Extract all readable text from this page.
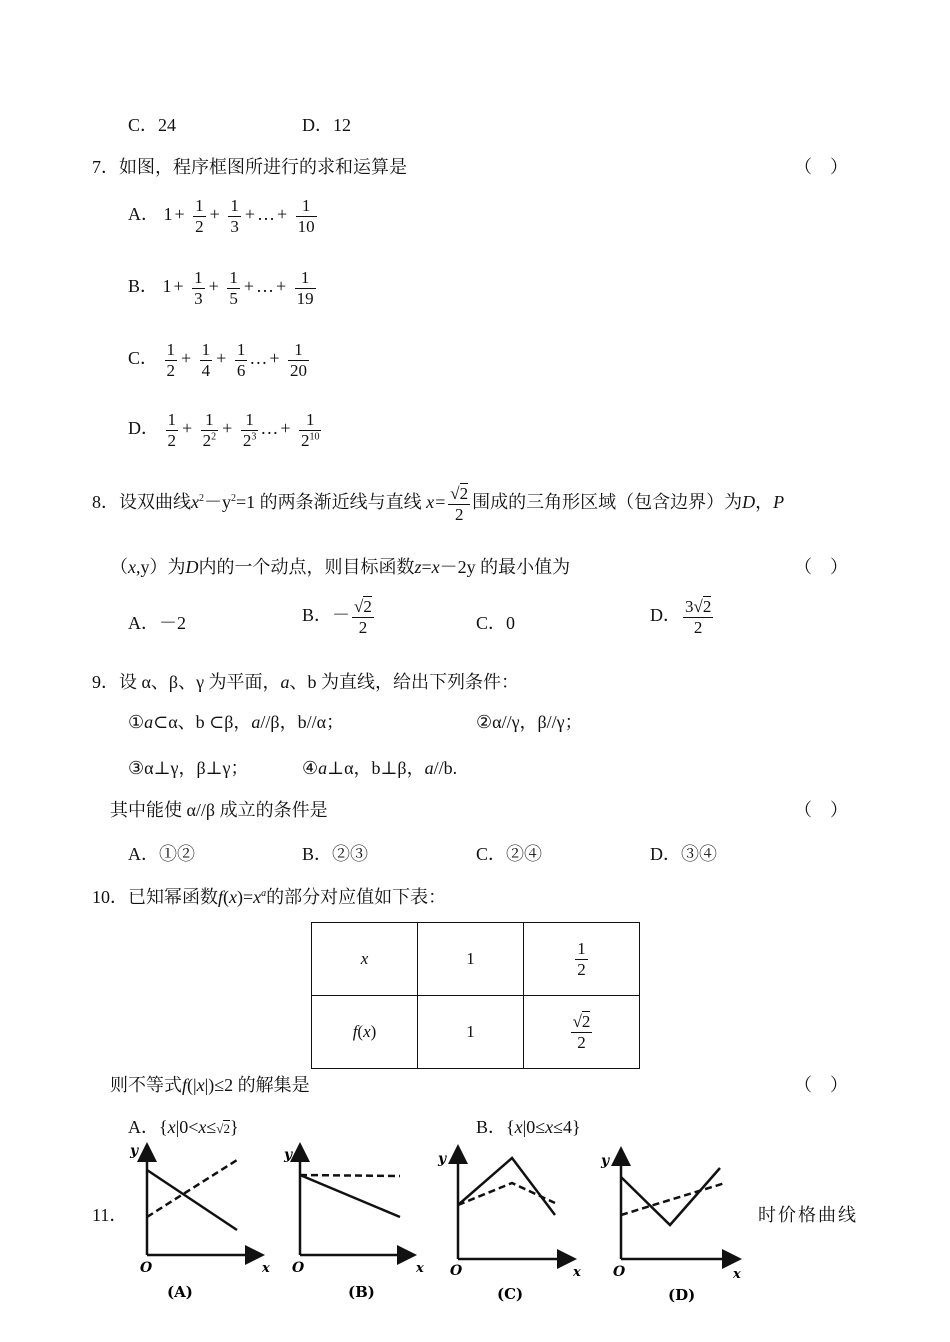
C．24	D．12
7．如图，程序框图所进行的求和运算是	（　）
A． $1 + \frac{1}{2} + \frac{1}{3}$ + … + $\frac{1}{10}$
B． $1 + \frac{1}{3} + \frac{1}{5}$ + … + $\frac{1}{19}$
C． $\frac{1}{2} + \frac{1}{4} + \frac{1}{6}$ … + $\frac{1}{20}$
D． $\frac{1}{2} + \frac{1}{2^2} + \frac{1}{2^3}$ … + $\frac{1}{2^{10}}$
8．设双曲线$x^2-y^2=1$ 的两条渐近线与直线 $x= \frac{√2}{2}$ 围成的三角形区域（包含边界）为D，P
（x,y）为D内的一个动点，则目标函数z=x－2y 的最小值为	（　）
A．－2	B．－ $\frac{√2}{2}$	C．0	D． $\frac{3√2}{2}$
9．设 α、β、γ 为平面，a、b 为直线，给出下列条件：
①a⊂α、b ⊂β，a//β，b//α；	②α//γ，β//γ；
③α⊥γ，β⊥γ；	④a⊥α，b⊥β，a//b.
其中能使 α//β 成立的条件是	（　）
A．①②	B．②③	C．②④	D．③④
10．已知幂函数$f(x)=x^a$的部分对应值如下表：
x	1	$\frac{1}{2}$

f(x)	1	$\frac{√2}{2}$
则不等式f(|x|)≤2 的解集是	（　）
A．{x|0<x≤√2}	B．{x|0≤x≤4}
11．	时价格曲线
y
O	x
(A)
y
O	x
(B)
y
O	x
(C)
y
O	x
(D)
